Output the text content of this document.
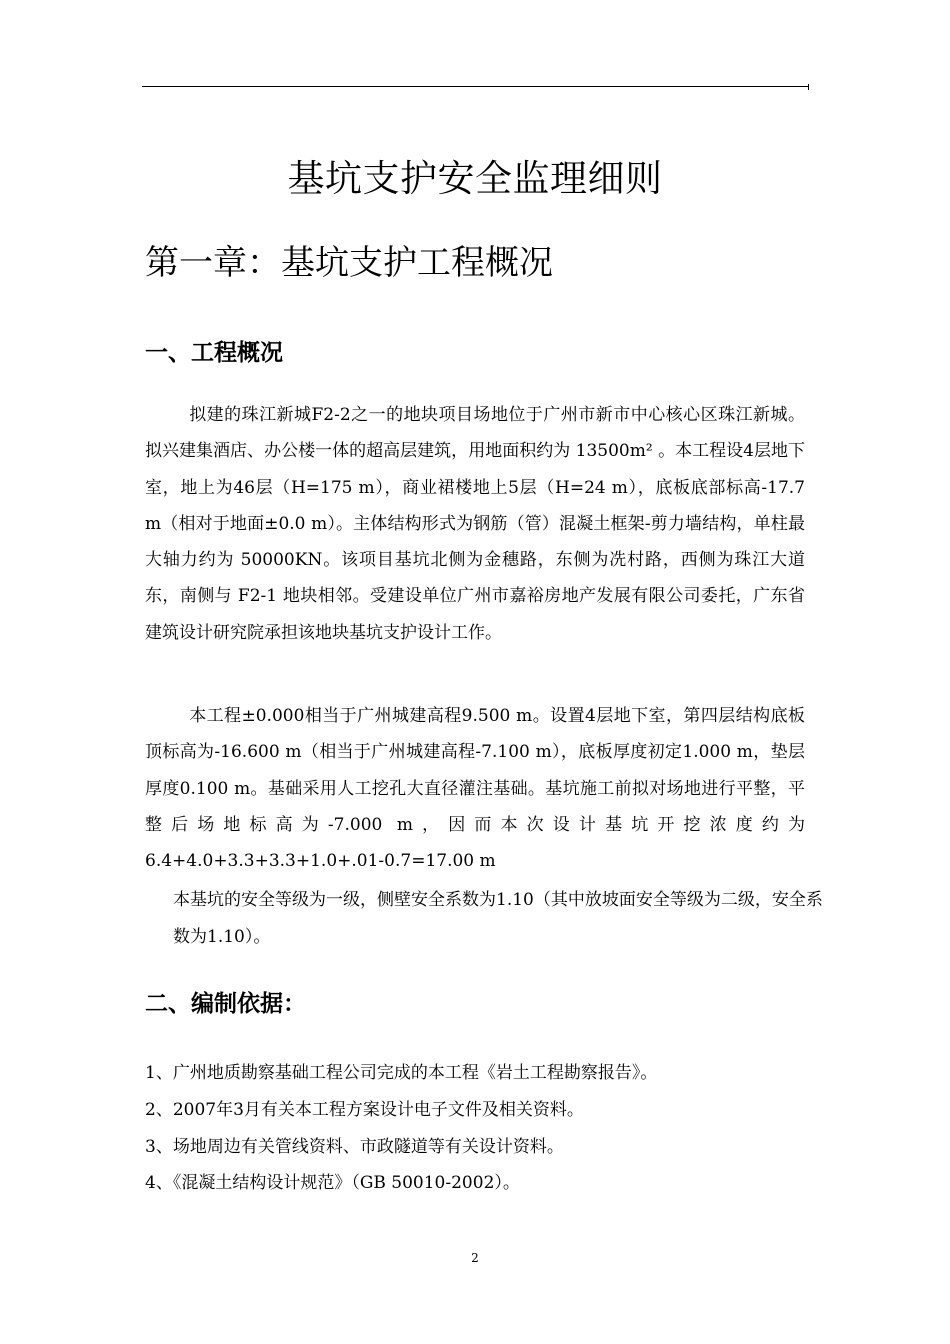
基坑支护安全监理细则
第一章：基坑支护工程概况
一、工程概况

拟建的珠江新城F2-2之一的地块项目场地位于广州市新市中心核心区珠江新城。拟兴建集酒店、办公楼一体的超高层建筑，用地面积约为 13500m² 。本工程设4层地下室，地上为46层（H=175 m），商业裙楼地上5层（H=24 m），底板底部标高-17.7 m（相对于地面±0.0 m）。主体结构形式为钢筋（管）混凝土框架-剪力墙结构，单柱最大轴力约为 50000KN。该项目基坑北侧为金穗路，东侧为冼村路，西侧为珠江大道东，南侧与 F2-1 地块相邻。受建设单位广州市嘉裕房地产发展有限公司委托，广东省建筑设计研究院承担该地块基坑支护设计工作。

本工程±0.000相当于广州城建高程9.500 m。设置4层地下室，第四层结构底板顶标高为-16.600 m（相当于广州城建高程-7.100 m），底板厚度初定1.000 m，垫层厚度0.100 m。基础采用人工挖孔大直径灌注基础。基坑施工前拟对场地进行平整，平整后场地标高为-7.000 m，因而本次设计基坑开挖浓度约为6.4+4.0+3.3+3.3+1.0+.01-0.7=17.00 m

本基坑的安全等级为一级，侧壁安全系数为1.10（其中放坡面安全等级为二级，安全系数为1.10）。

二、编制依据：
1、广州地质勘察基础工程公司完成的本工程《岩土工程勘察报告》。
2、2007年3月有关本工程方案设计电子文件及相关资料。
3、场地周边有关管线资料、市政隧道等有关设计资料。
4、《混凝土结构设计规范》（GB 50010-2002）。
2
